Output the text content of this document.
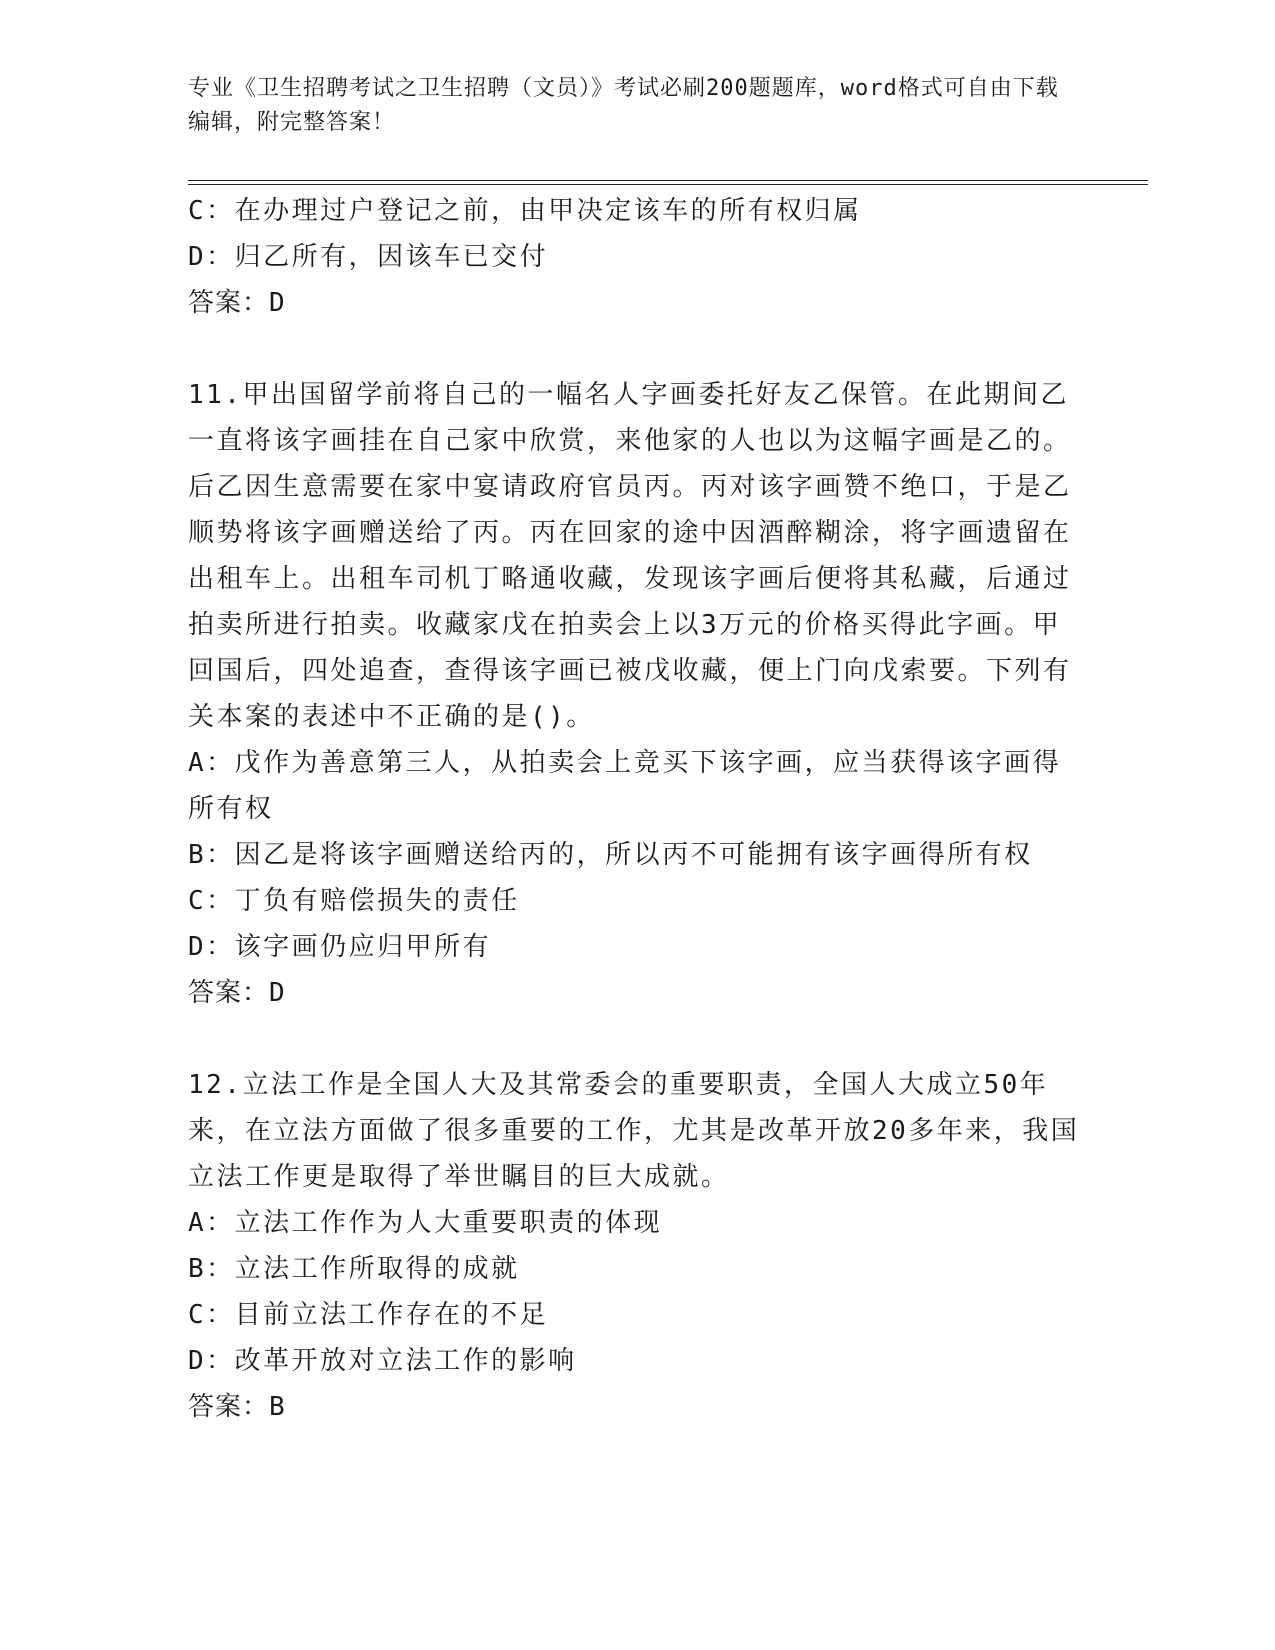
专业《卫生招聘考试之卫生招聘（文员）》考试必刷200题题库，word格式可自由下载编辑，附完整答案！
C：在办理过户登记之前，由甲决定该车的所有权归属
D：归乙所有，因该车已交付
答案：D
11.甲出国留学前将自己的一幅名人字画委托好友乙保管。在此期间乙一直将该字画挂在自己家中欣赏，来他家的人也以为这幅字画是乙的。后乙因生意需要在家中宴请政府官员丙。丙对该字画赞不绝口，于是乙顺势将该字画赠送给了丙。丙在回家的途中因酒醉糊涂，将字画遗留在出租车上。出租车司机丁略通收藏，发现该字画后便将其私藏，后通过拍卖所进行拍卖。收藏家戊在拍卖会上以3万元的价格买得此字画。甲回国后，四处追查，查得该字画已被戊收藏，便上门向戊索要。下列有关本案的表述中不正确的是()。
A：戊作为善意第三人，从拍卖会上竞买下该字画，应当获得该字画得所有权
B：因乙是将该字画赠送给丙的，所以丙不可能拥有该字画得所有权
C：丁负有赔偿损失的责任
D：该字画仍应归甲所有
答案：D
12.立法工作是全国人大及其常委会的重要职责，全国人大成立50年来，在立法方面做了很多重要的工作，尤其是改革开放20多年来，我国立法工作更是取得了举世瞩目的巨大成就。
A：立法工作作为人大重要职责的体现
B：立法工作所取得的成就
C：目前立法工作存在的不足
D：改革开放对立法工作的影响
答案：B
